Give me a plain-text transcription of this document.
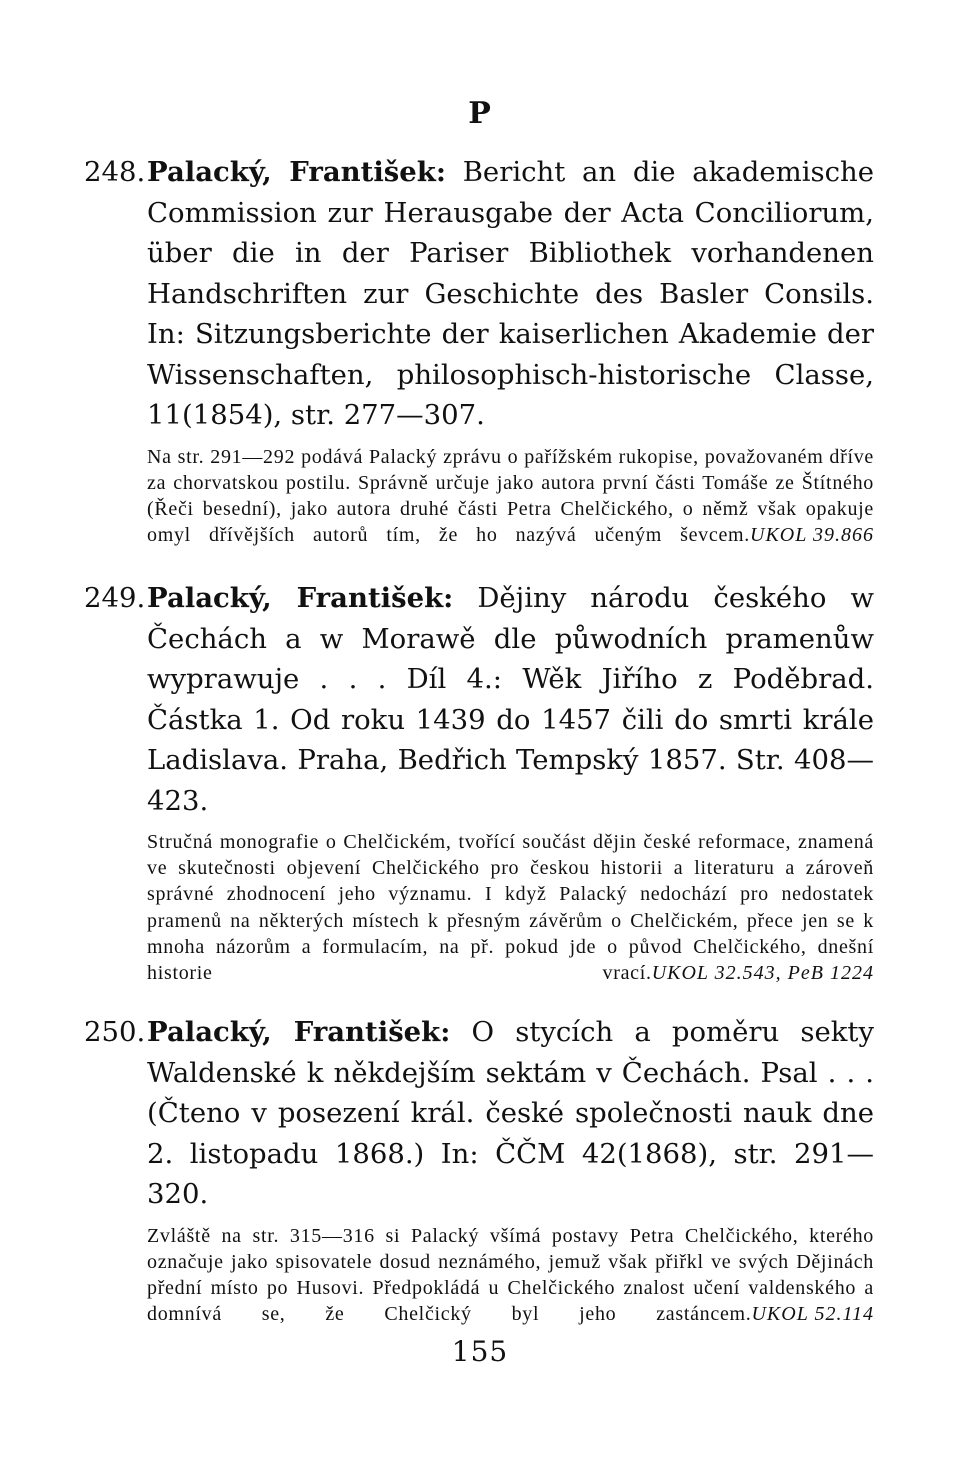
P

248.Palacký, František: Bericht an die akademische Commission zur Herausgabe der Acta Conciliorum, über die in der Pariser Bibliothek vorhandenen Handschriften zur Geschichte des Basler Consils. In: Sitzungsberichte der kaiserlichen Akademie der Wissenschaften, philosophisch-historische Classe, 11(1854), str. 277—307.

Na str. 291—292 podává Palacký zprávu o pařížském rukopise, považovaném dříve za chorvatskou postilu. Správně určuje jako autora první části Tomáše ze Štítného (Řeči besední), jako autora druhé části Petra Chelčického, o němž však opakuje omyl dřívějších autorů tím, že ho nazývá učeným ševcem. UKOL 39.866

249.Palacký, František: Dějiny národu českého w Čechách a w Morawě dle půwodních pramenůw wyprawuje . . . Díl 4.: Wěk Jiřího z Poděbrad. Částka 1. Od roku 1439 do 1457 čili do smrti krále Ladislava. Praha, Bedřich Tempský 1857. Str. 408—423.

Stručná monografie o Chelčickém, tvořící součást dějin české reformace, znamená ve skutečnosti objevení Chelčického pro českou historii a literaturu a zároveň správné zhodnocení jeho významu. I když Palacký nedochází pro nedostatek pramenů na některých místech k přesným závěrům o Chelčickém, přece jen se k mnoha názorům a formulacím, na př. pokud jde o původ Chelčického, dnešní historie vrací. UKOL 32.543, PeB 1224

250.Palacký, František: O stycích a poměru sekty Waldenské k někdejším sektám v Čechách. Psal . . . (Čteno v posezení král. české společnosti nauk dne 2. listopadu 1868.) In: ČČM 42(1868), str. 291—320.

Zvláště na str. 315—316 si Palacký všímá postavy Petra Chelčického, kterého označuje jako spisovatele dosud neznámého, jemuž však přiřkl ve svých Dějinách přední místo po Husovi. Předpokládá u Chelčického znalost učení valdenského a domnívá se, že Chelčický byl jeho zastáncem. UKOL 52.114

155
